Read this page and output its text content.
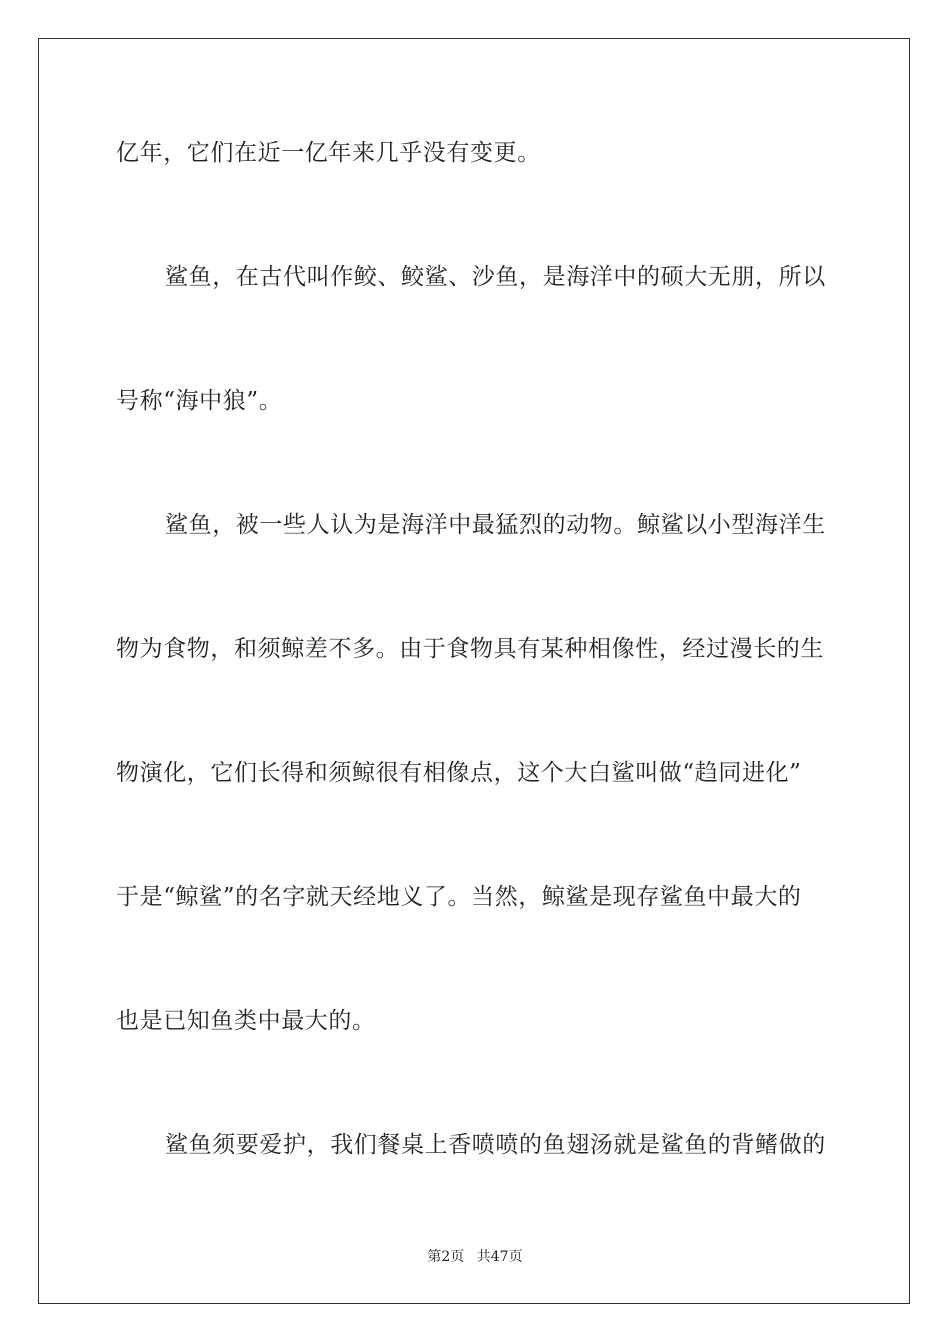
亿年，它们在近一亿年来几乎没有变更。
鲨鱼，在古代叫作鲛、鲛鲨、沙鱼，是海洋中的硕大无朋，所以
号称“海中狼”。
鲨鱼，被一些人认为是海洋中最猛烈的动物。鲸鲨以小型海洋生
物为食物，和须鲸差不多。由于食物具有某种相像性，经过漫长的生
物演化，它们长得和须鲸很有相像点，这个大白鲨叫做“趋同进化”
于是“鲸鲨”的名字就天经地义了。当然，鲸鲨是现存鲨鱼中最大的
也是已知鱼类中最大的。
鲨鱼须要爱护，我们餐桌上香喷喷的鱼翅汤就是鲨鱼的背鳍做的
第2页 共47页
